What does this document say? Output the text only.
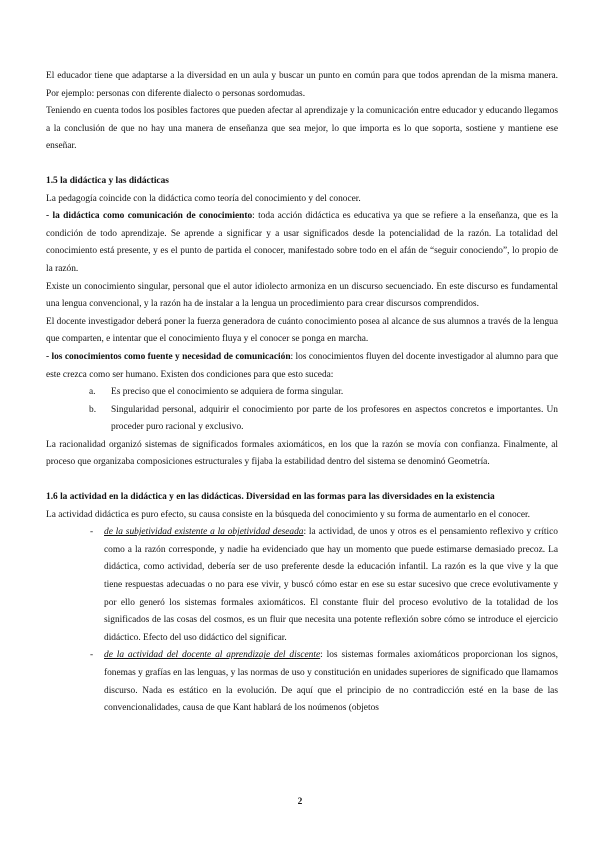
El educador tiene que adaptarse a la diversidad en un aula y buscar un punto en común para que todos aprendan de la misma manera. Por ejemplo: personas con diferente dialecto o personas sordomudas.

Teniendo en cuenta todos los posibles factores que pueden afectar al aprendizaje y la comunicación entre educador y educando llegamos a la conclusión de que no hay una manera de enseñanza que sea mejor, lo que importa es lo que soporta, sostiene y mantiene ese enseñar.

1.5 la didáctica y las didácticas

La pedagogía coincide con la didáctica como teoría del conocimiento y del conocer.

- la didáctica como comunicación de conocimiento: toda acción didáctica es educativa ya que se refiere a la enseñanza, que es la condición de todo aprendizaje. Se aprende a significar y a usar significados desde la potencialidad de la razón. La totalidad del conocimiento está presente, y es el punto de partida el conocer, manifestado sobre todo en el afán de “seguir conociendo”, lo propio de la razón.

Existe un conocimiento singular, personal que el autor idiolecto armoniza en un discurso secuenciado. En este discurso es fundamental una lengua convencional, y la razón ha de instalar a la lengua un procedimiento para crear discursos comprendidos.

El docente investigador deberá poner la fuerza generadora de cuánto conocimiento posea al alcance de sus alumnos a través de la lengua que comparten, e intentar que el conocimiento fluya y el conocer se ponga en marcha.

- los conocimientos como fuente y necesidad de comunicación: los conocimientos fluyen del docente investigador al alumno para que este crezca como ser humano. Existen dos condiciones para que esto suceda:

a. Es preciso que el conocimiento se adquiera de forma singular.
b. Singularidad personal, adquirir el conocimiento por parte de los profesores en aspectos concretos e importantes. Un proceder puro racional y exclusivo.

La racionalidad organizó sistemas de significados formales axiomáticos, en los que la razón se movía con confianza. Finalmente, al proceso que organizaba composiciones estructurales y fijaba la estabilidad dentro del sistema se denominó Geometría.

1.6 la actividad en la didáctica y en las didácticas. Diversidad en las formas para las diversidades en la existencia

La actividad didáctica es puro efecto, su causa consiste en la búsqueda del conocimiento y su forma de aumentarlo en el conocer.

- de la subjetividad existente a la objetividad deseada: la actividad, de unos y otros es el pensamiento reflexivo y crítico como a la razón corresponde, y nadie ha evidenciado que hay un momento que puede estimarse demasiado precoz. La didáctica, como actividad, debería ser de uso preferente desde la educación infantil. La razón es la que vive y la que tiene respuestas adecuadas o no para ese vivir, y buscó cómo estar en ese su estar sucesivo que crece evolutivamente y por ello generó los sistemas formales axiomáticos. El constante fluir del proceso evolutivo de la totalidad de los significados de las cosas del cosmos, es un fluir que necesita una potente reflexión sobre cómo se introduce el ejercicio didáctico. Efecto del uso didáctico del significar.
- de la actividad del docente al aprendizaje del discente: los sistemas formales axiomáticos proporcionan los signos, fonemas y grafías en las lenguas, y las normas de uso y constitución en unidades superiores de significado que llamamos discurso. Nada es estático en la evolución. De aquí que el principio de no contradicción esté en la base de las convencionalidades, causa de que Kant hablará de los noúmenos (objetos
2
